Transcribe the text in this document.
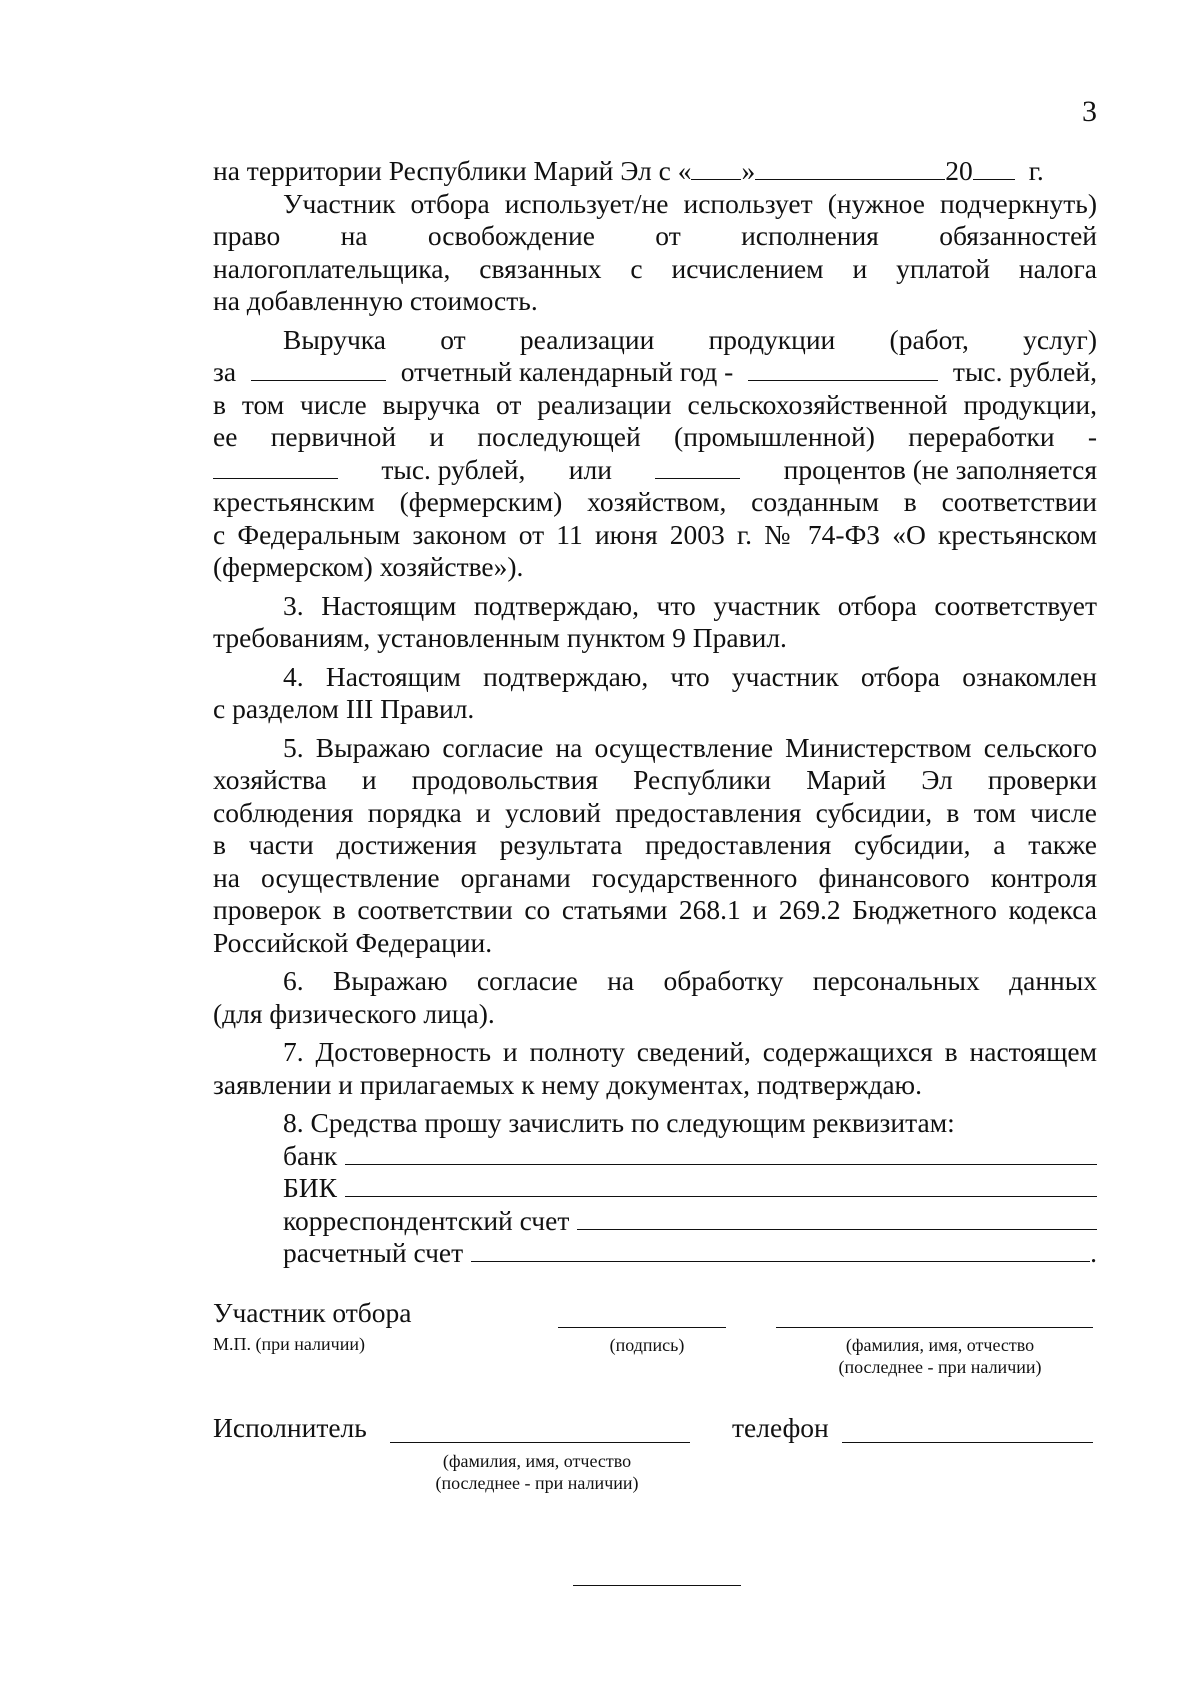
3
на территории Республики Марий Эл с « »	20 г.
Участник отбора использует/не использует (нужное подчеркнуть)
право на освобождение от исполнения обязанностей
налогоплательщика, связанных с исчислением и уплатой налога
на добавленную стоимость.
Выручка от реализации продукции (работ, услуг)
за	отчетный календарный год -	тыс. рублей,
в том числе выручка от реализации сельскохозяйственной продукции,
ее первичной и последующей (промышленной) переработки -
тыс. рублей, или	процентов (не заполняется
крестьянским (фермерским) хозяйством, созданным в соответствии
с Федеральным законом от 11 июня 2003 г. № 74-ФЗ «О крестьянском
(фермерском) хозяйстве»).
3. Настоящим подтверждаю, что участник отбора соответствует
требованиям, установленным пунктом 9 Правил.
4. Настоящим подтверждаю, что участник отбора ознакомлен
с разделом III Правил.
5. Выражаю согласие на осуществление Министерством сельского
хозяйства и продовольствия Республики Марий Эл проверки
соблюдения порядка и условий предоставления субсидии, в том числе
в части достижения результата предоставления субсидии, а также
на осуществление органами государственного финансового контроля
проверок в соответствии со статьями 268.1 и 269.2 Бюджетного кодекса
Российской Федерации.
6. Выражаю согласие на обработку персональных данных
(для физического лица).
7. Достоверность и полноту сведений, содержащихся в настоящем
заявлении и прилагаемых к нему документах, подтверждаю.
8. Средства прошу зачислить по следующим реквизитам:
банк
БИК
корреспондентский счет
расчетный счет	.
Участник отбора
М.П. (при наличии)	(подпись)	(фамилия, имя, отчество
(последнее - при наличии)
Исполнитель	телефон
(фамилия, имя, отчество
(последнее - при наличии)
